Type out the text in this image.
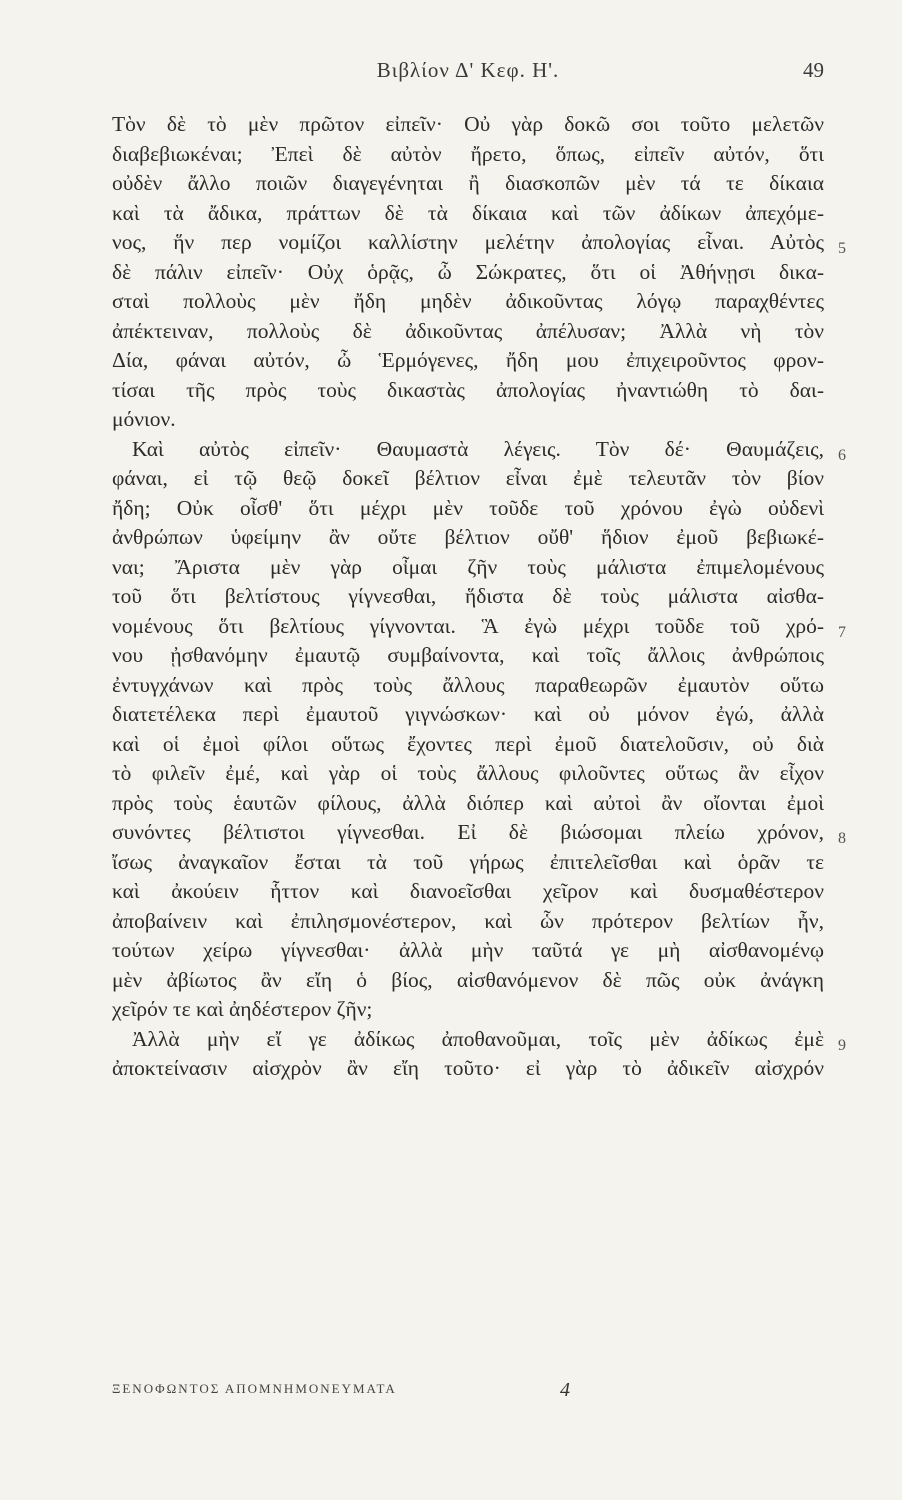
Βιβλίον Δ' Κεφ. Η'.	49
Τὸν δὲ τὸ μὲν πρῶτον εἰπεῖν· Οὐ γὰρ δοκῶ σοι τοῦτο μελετῶν
διαβεβιωκέναι; Ἐπεὶ δὲ αὐτὸν ἤρετο, ὅπως, εἰπεῖν αὐτόν, ὅτι
οὐδὲν ἄλλο ποιῶν διαγεγένηται ἢ διασκοπῶν μὲν τά τε δίκαια
καὶ τὰ ἄδικα, πράττων δὲ τὰ δίκαια καὶ τῶν ἀδίκων ἀπεχόμε-
νος, ἥν περ νομίζοι καλλίστην μελέτην ἀπολογίας εἶναι. Αὐτὸς 5
δὲ πάλιν εἰπεῖν· Οὐχ ὁρᾷς, ὦ Σώκρατες, ὅτι οἱ Ἀθήνῃσι δικα-
σταὶ πολλοὺς μὲν ἤδη μηδὲν ἀδικοῦντας λόγῳ παραχθέντες
ἀπέκτειναν, πολλοὺς δὲ ἀδικοῦντας ἀπέλυσαν; Ἀλλὰ νὴ τὸν
Δία, φάναι αὐτόν, ὦ Ἑρμόγενες, ἤδη μου ἐπιχειροῦντος φρον-
τίσαι τῆς πρὸς τοὺς δικαστὰς ἀπολογίας ἠναντιώθη τὸ δαι-
μόνιον.
Καὶ αὐτὸς εἰπεῖν· Θαυμαστὰ λέγεις. Τὸν δέ· Θαυμάζεις, 6
φάναι, εἰ τῷ θεῷ δοκεῖ βέλτιον εἶναι ἐμὲ τελευτᾶν τὸν βίον
ἤδη; Οὐκ οἶσθ' ὅτι μέχρι μὲν τοῦδε τοῦ χρόνου ἐγὼ οὐδενὶ
ἀνθρώπων ὑφείμην ἂν οὔτε βέλτιον οὔθ' ἥδιον ἐμοῦ βεβιωκέ-
ναι; Ἄριστα μὲν γὰρ οἶμαι ζῆν τοὺς μάλιστα ἐπιμελομένους
τοῦ ὅτι βελτίστους γίγνεσθαι, ἥδιστα δὲ τοὺς μάλιστα αἰσθα-
νομένους ὅτι βελτίους γίγνονται. Ἃ ἐγὼ μέχρι τοῦδε τοῦ χρό- 7
νου ᾐσθανόμην ἐμαυτῷ συμβαίνοντα, καὶ τοῖς ἄλλοις ἀνθρώποις
ἐντυγχάνων καὶ πρὸς τοὺς ἄλλους παραθεωρῶν ἐμαυτὸν οὕτω
διατετέλεκα περὶ ἐμαυτοῦ γιγνώσκων· καὶ οὐ μόνον ἐγώ, ἀλλὰ
καὶ οἱ ἐμοὶ φίλοι οὕτως ἔχοντες περὶ ἐμοῦ διατελοῦσιν, οὐ διὰ
τὸ φιλεῖν ἐμέ, καὶ γὰρ οἱ τοὺς ἄλλους φιλοῦντες οὕτως ἂν εἶχον
πρὸς τοὺς ἑαυτῶν φίλους, ἀλλὰ διόπερ καὶ αὐτοὶ ἂν οἴονται ἐμοὶ
συνόντες βέλτιστοι γίγνεσθαι. Εἰ δὲ βιώσομαι πλείω χρόνον, 8
ἴσως ἀναγκαῖον ἔσται τὰ τοῦ γήρως ἐπιτελεῖσθαι καὶ ὁρᾶν τε
καὶ ἀκούειν ἧττον καὶ διανοεῖσθαι χεῖρον καὶ δυσμαθέστερον
ἀποβαίνειν καὶ ἐπιλησμονέστερον, καὶ ὧν πρότερον βελτίων ἦν,
τούτων χείρω γίγνεσθαι· ἀλλὰ μὴν ταῦτά γε μὴ αἰσθανομένῳ
μὲν ἀβίωτος ἂν εἴη ὁ βίος, αἰσθανόμενον δὲ πῶς οὐκ ἀνάγκη
χεῖρόν τε καὶ ἀηδέστερον ζῆν;
Ἀλλὰ μὴν εἴ γε ἀδίκως ἀποθανοῦμαι, τοῖς μὲν ἀδίκως ἐμὲ 9
ἀποκτείνασιν αἰσχρὸν ἂν εἴη τοῦτο· εἰ γὰρ τὸ ἀδικεῖν αἰσχρόν
ΞΕΝΟΦΩΝΤΟΣ ΑΠΟΜΝΗΜΟΝΕΥΜΑΤΑ	4
